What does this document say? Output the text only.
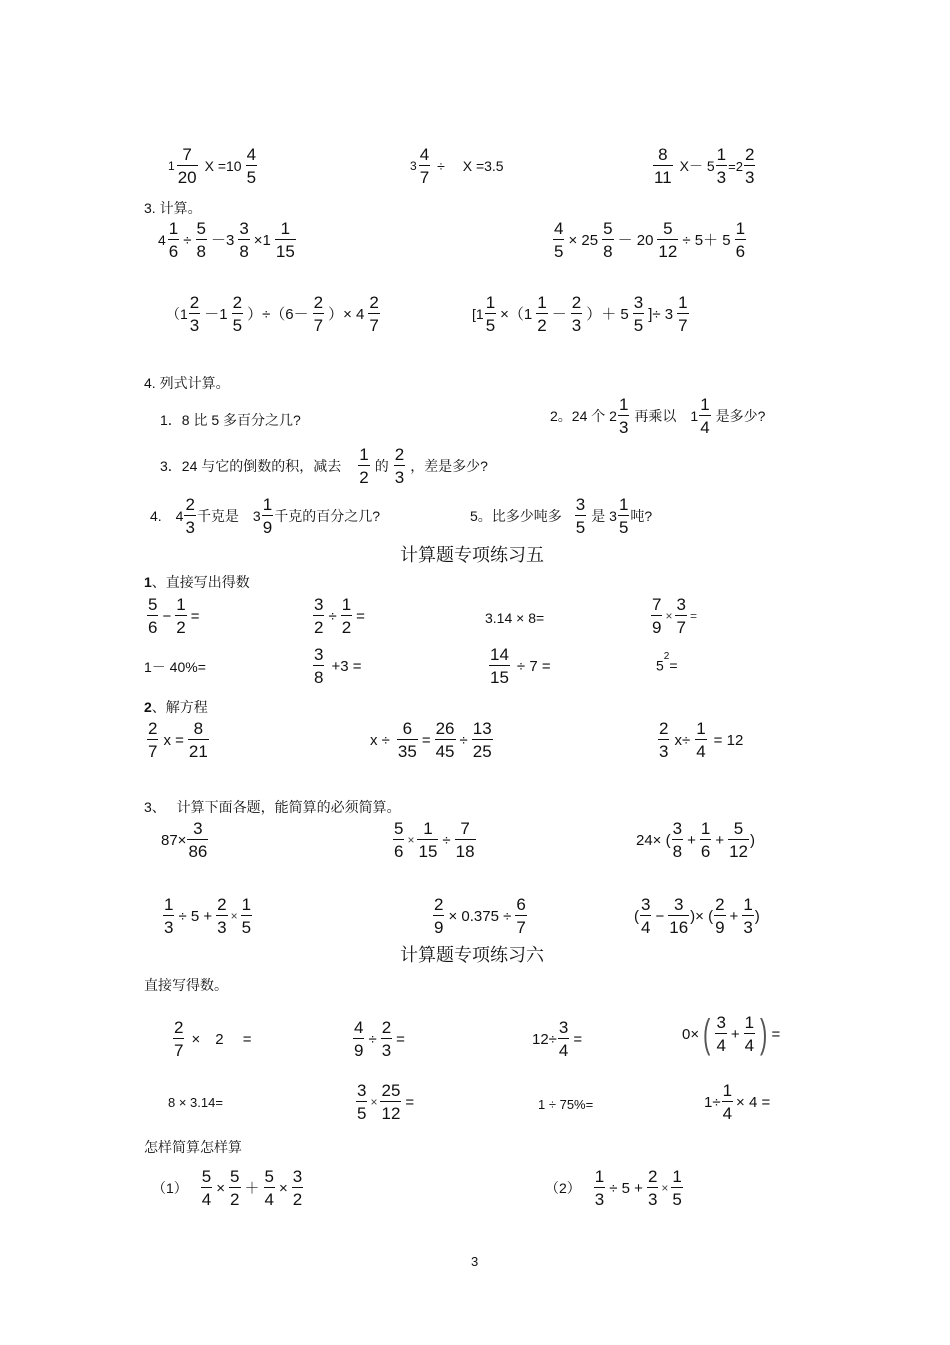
1
7
20
X =10
4
5
3
4
7
÷　 X =3.5
8
11
X－ 5
1
3
=2
2
3
3. 计算。
4
1
6
÷
5
8
－3
3
8
×1
1
15
4
5
× 25
5
8
－ 20
5
12
÷ 5＋ 5
1
6
（1
2
3
－1
2
5
）÷（6－
2
7
）× 4
2
7
[1
1
5
×（1
1
2
－
2
3
）＋ 5
3
5
]÷ 3
1
7
4. 列式计算。
1．8 比 5 多百分之几?	2。24 个 2
1
3
再乘以　1
1
4
是多少?
3．24 与它的倒数的积，减去
1
2
的
2
3
，差是多少?
4.　4
2
3
千克是　3
1
9
千克的百分之几?	5。比多少吨多
3
5
是 3
1
5
吨?
计算题专项练习五
1、直接写出得数
5
6
−
1
2
=
3
2
÷
1
2
=	3.14 × 8=
7
9
×
3
7
=
1－ 40%=
3
8
+3 =
14
15
÷ 7 =	$5^2=$
2、解方程
2
7
x =
8
21
x ÷
6
35
=
26
45
÷
13
25
2
3
x÷
1
4
= 12
3、　 计算下面各题，能简算的必须简算。
87×
3
86
5
6
×
1
15
÷
7
18
24× (
3
8
+
1
6
+
5
12
)
1
3
÷ 5 +
2
3
×
1
5
2
9
× 0.375 ÷
6
7
(
3
4
−
3
16
)× (
2
9
+
1
3
)
计算题专项练习六
直接写得数。
2
7
×　2　 =
4
9
÷
2
3
=	12÷
3
4
=	0× ( 3
4
+
1
4 ) =
8 × 3.14=
3
5
×
25
12
=	1 ÷ 75%=	1÷
1
4
× 4 =
怎样简算怎样算
（1）
5
4
×
5
2
＋
5
4
×
3
2
（2）
1
3
÷ 5 +
2
3
×
1
5
3
